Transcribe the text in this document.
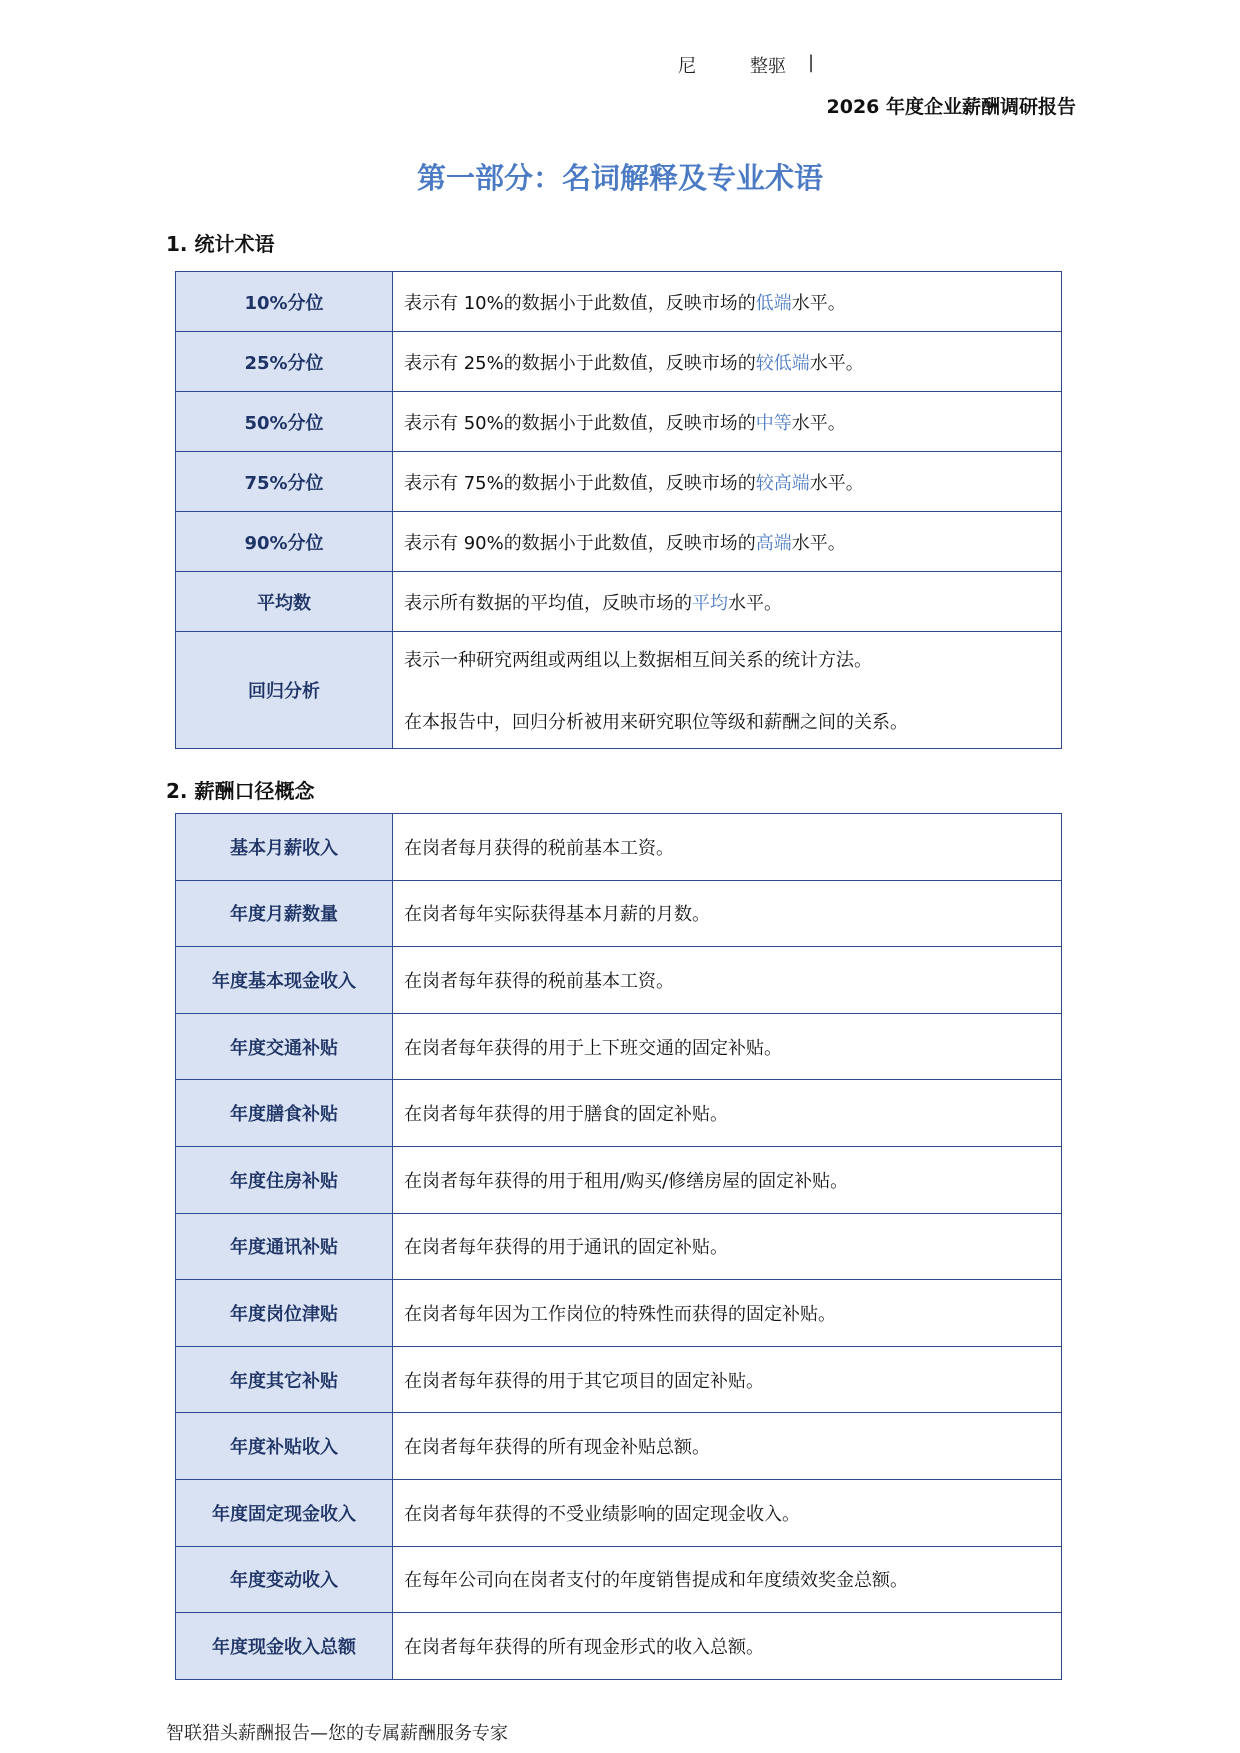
尼	整驱 |
2026 年度企业薪酬调研报告
第一部分：名词解释及专业术语
1. 统计术语
10%分位	表示有 10%的数据小于此数值，反映市场的低端水平。
25%分位	表示有 25%的数据小于此数值，反映市场的较低端水平。
50%分位	表示有 50%的数据小于此数值，反映市场的中等水平。
75%分位	表示有 75%的数据小于此数值，反映市场的较高端水平。
90%分位	表示有 90%的数据小于此数值，反映市场的高端水平。
平均数	表示所有数据的平均值，反映市场的平均水平。
回归分析	表示一种研究两组或两组以上数据相互间关系的统计方法。
在本报告中，回归分析被用来研究职位等级和薪酬之间的关系。
2. 薪酬口径概念
基本月薪收入	在岗者每月获得的税前基本工资。
年度月薪数量	在岗者每年实际获得基本月薪的月数。
年度基本现金收入	在岗者每年获得的税前基本工资。
年度交通补贴	在岗者每年获得的用于上下班交通的固定补贴。
年度膳食补贴	在岗者每年获得的用于膳食的固定补贴。
年度住房补贴	在岗者每年获得的用于租用/购买/修缮房屋的固定补贴。
年度通讯补贴	在岗者每年获得的用于通讯的固定补贴。
年度岗位津贴	在岗者每年因为工作岗位的特殊性而获得的固定补贴。
年度其它补贴	在岗者每年获得的用于其它项目的固定补贴。
年度补贴收入	在岗者每年获得的所有现金补贴总额。
年度固定现金收入	在岗者每年获得的不受业绩影响的固定现金收入。
年度变动收入	在每年公司向在岗者支付的年度销售提成和年度绩效奖金总额。
年度现金收入总额	在岗者每年获得的所有现金形式的收入总额。
智联猎头薪酬报告—您的专属薪酬服务专家
